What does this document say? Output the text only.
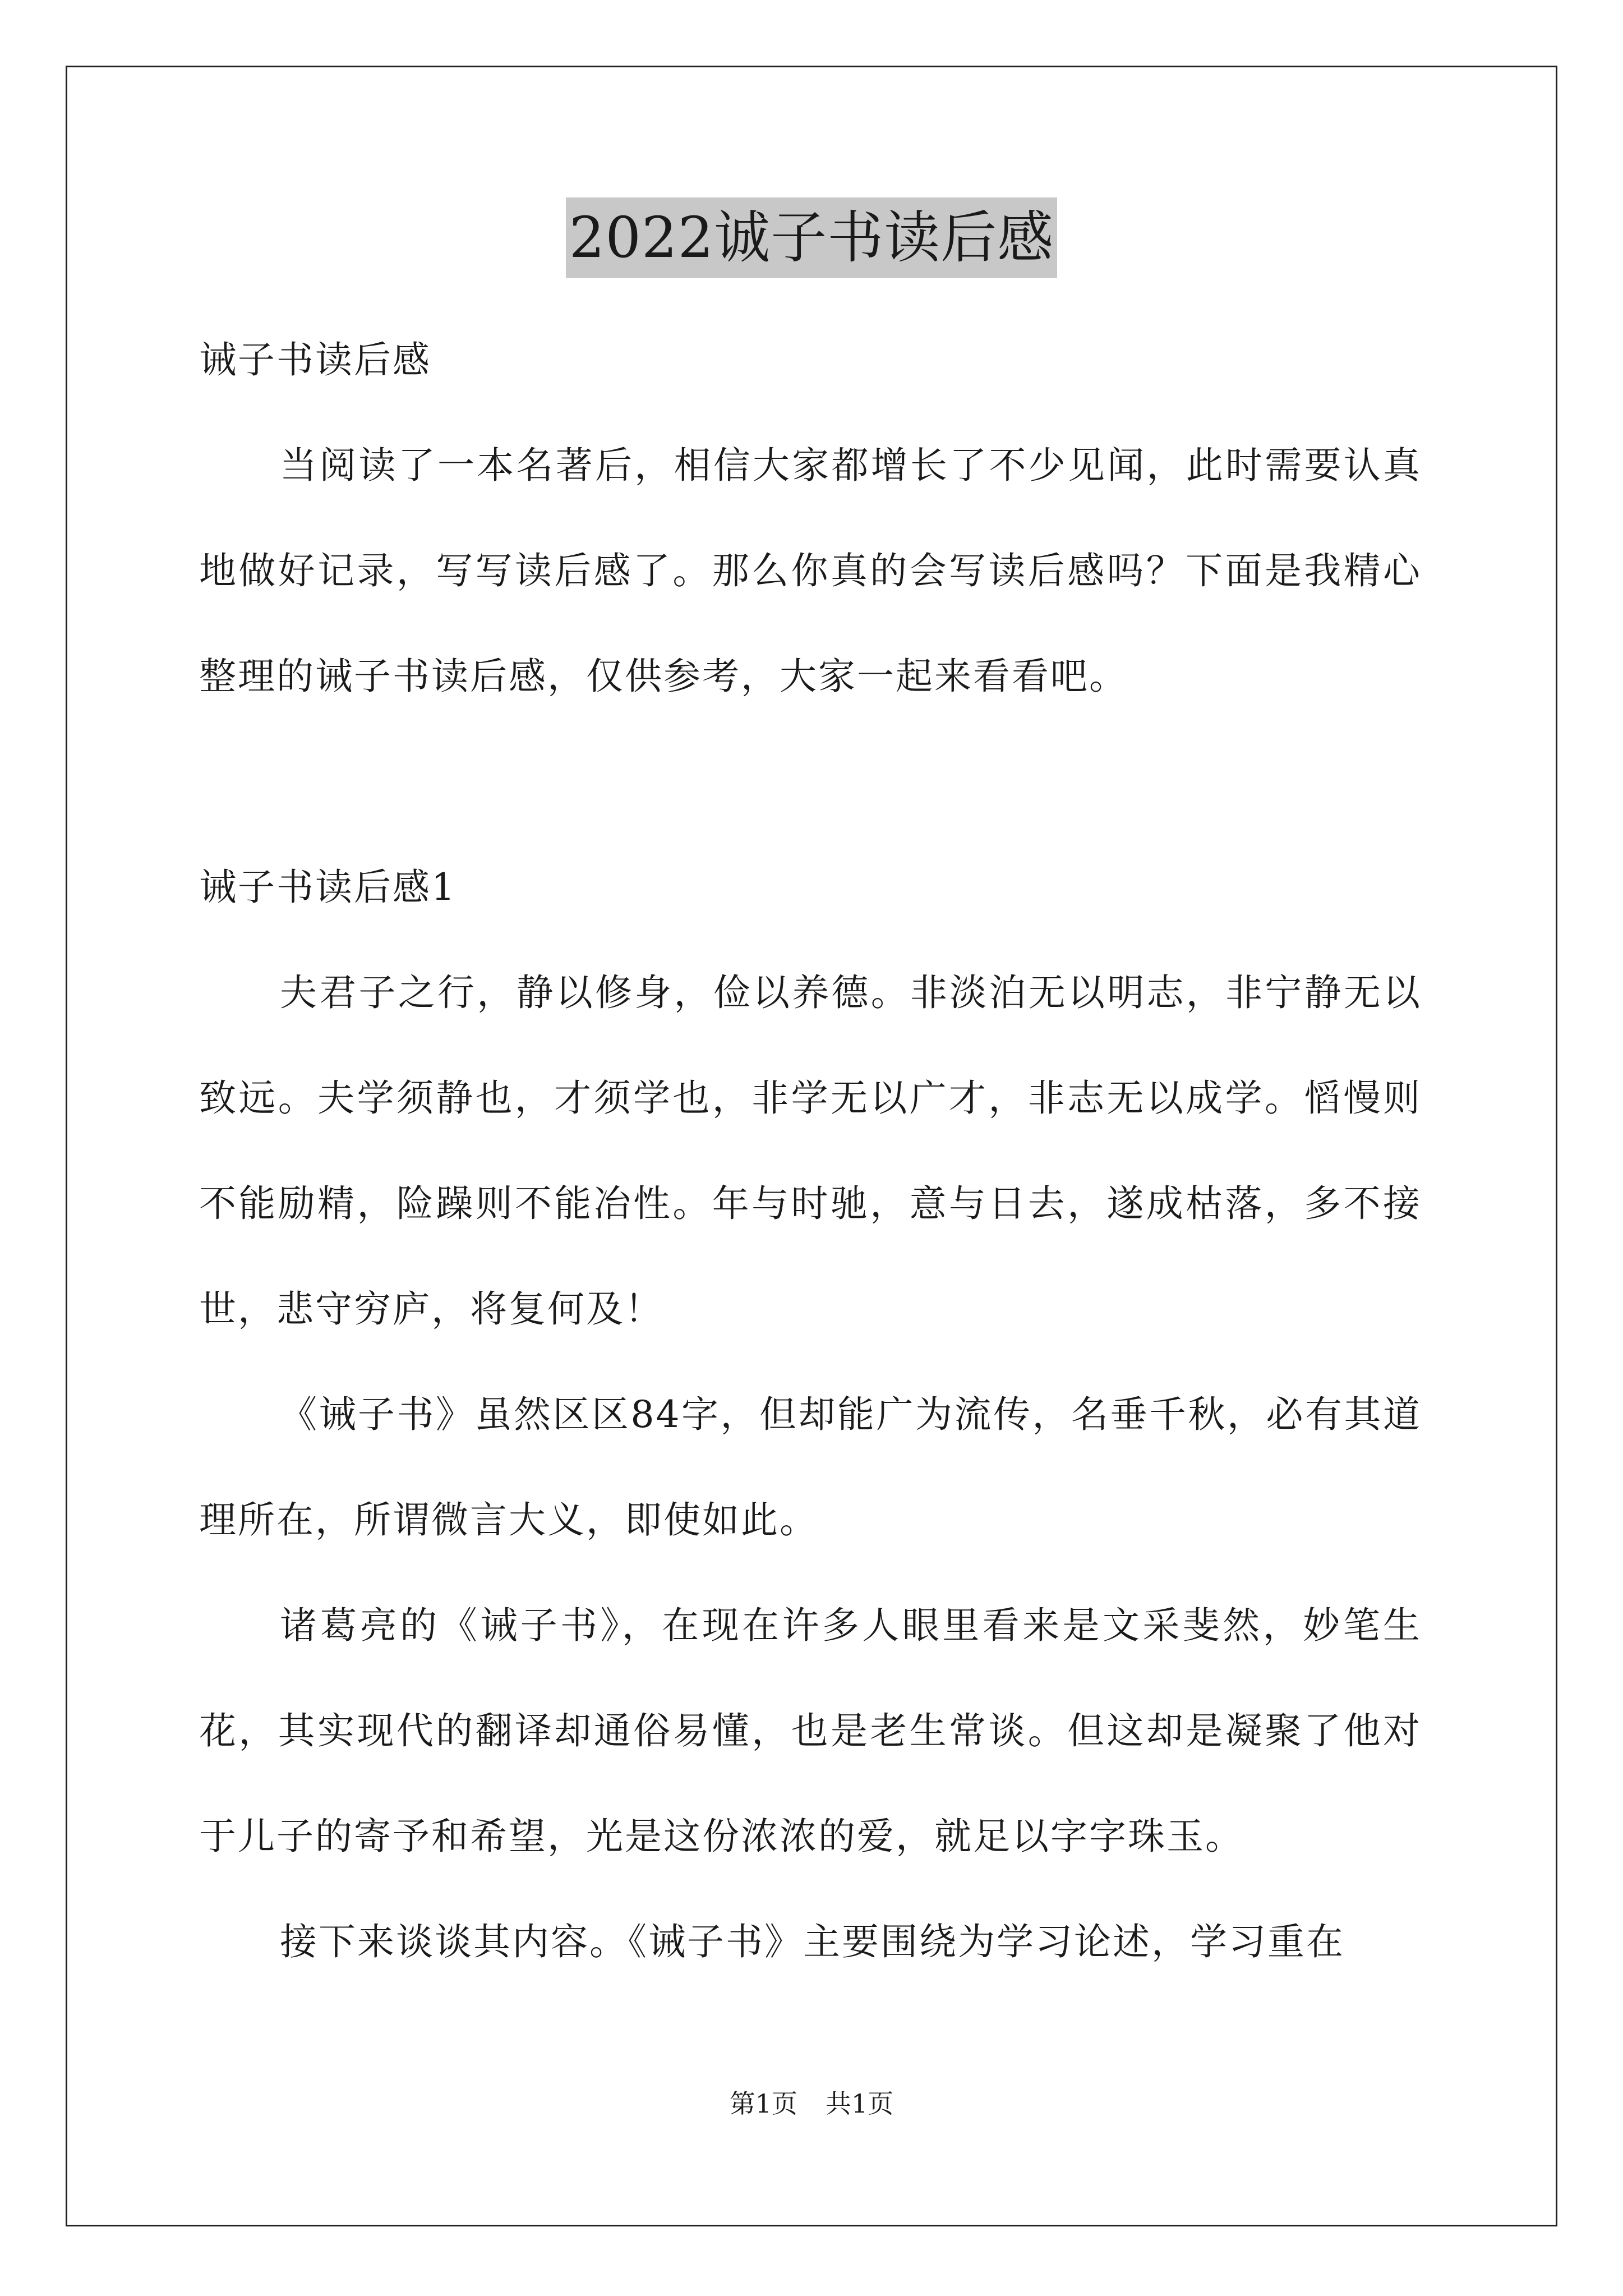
2022诚子书读后感

诫子书读后感

当阅读了一本名著后，相信大家都增长了不少见闻，此时需要认真地做好记录，写写读后感了。那么你真的会写读后感吗？下面是我精心整理的诫子书读后感，仅供参考，大家一起来看看吧。

诫子书读后感1

夫君子之行，静以修身，俭以养德。非淡泊无以明志，非宁静无以致远。夫学须静也，才须学也，非学无以广才，非志无以成学。慆慢则不能励精，险躁则不能冶性。年与时驰，意与日去，遂成枯落，多不接世，悲守穷庐，将复何及！

《诫子书》虽然区区84字，但却能广为流传，名垂千秋，必有其道理所在，所谓微言大义，即使如此。

诸葛亮的《诫子书》，在现在许多人眼里看来是文采斐然，妙笔生花，其实现代的翻译却通俗易懂，也是老生常谈。但这却是凝聚了他对于儿子的寄予和希望，光是这份浓浓的爱，就足以字字珠玉。

接下来谈谈其内容。《诫子书》主要围绕为学习论述，学习重在

第1页 共1页
